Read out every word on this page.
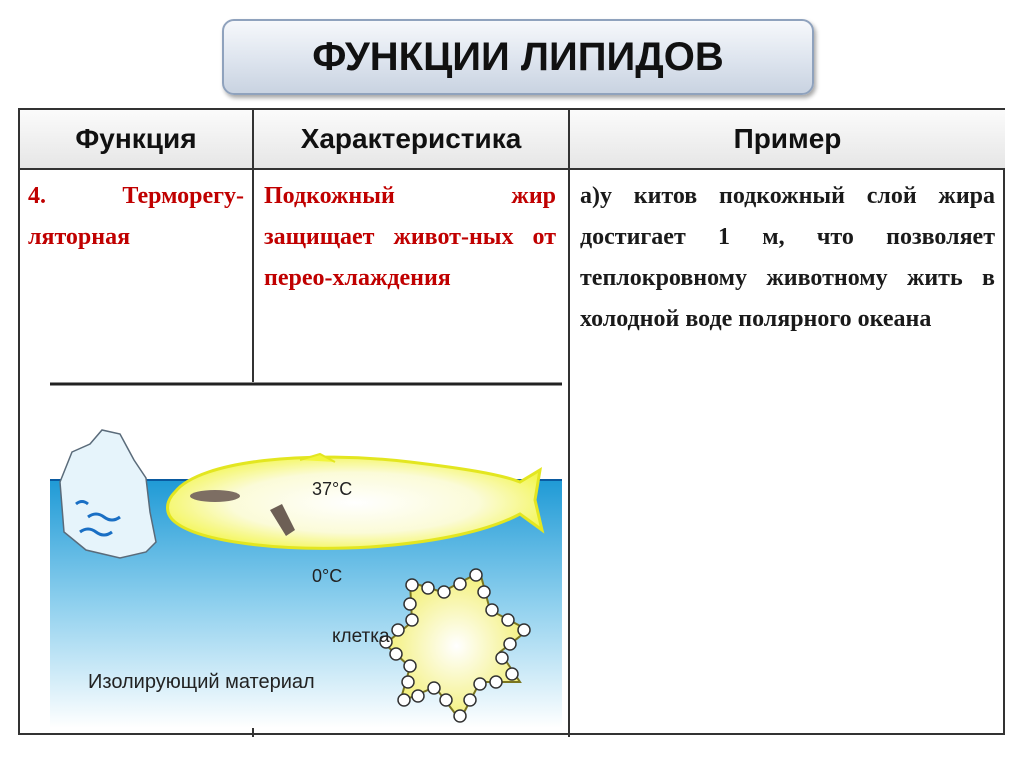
ФУНКЦИИ ЛИПИДОВ
Функция	Характеристика	Пример
4. Терморегу-ляторная
Подкожный жир защищает живот-ных от перео-хлаждения
а)у китов подкожный слой жира достигает 1 м, что позволяет теплокровному животному жить в холодной воде полярного океана
37°C
0°C
клетка
Изолирующий материал
